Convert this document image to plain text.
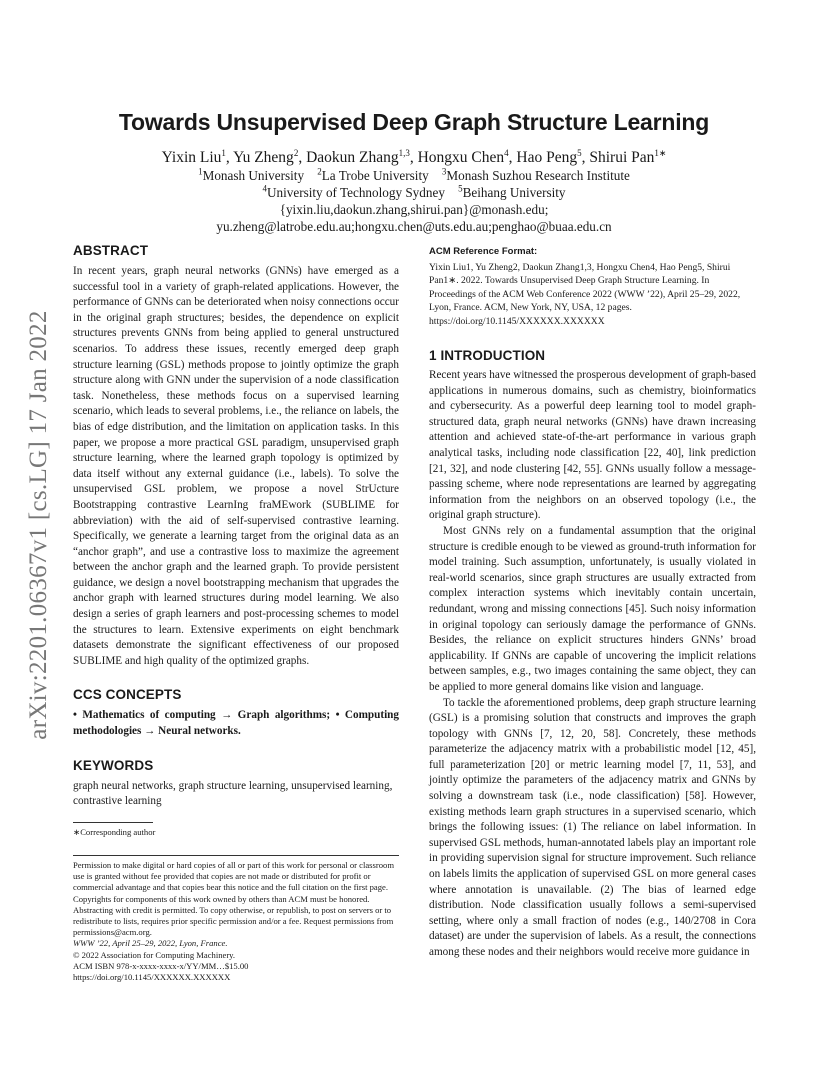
arXiv:2201.06367v1 [cs.LG] 17 Jan 2022
Towards Unsupervised Deep Graph Structure Learning
Yixin Liu$^1$, Yu Zheng$^2$, Daokun Zhang$^{1,3}$, Hongxu Chen$^4$, Hao Peng$^5$, Shirui Pan$^{1∗}$
$^1$Monash University $^2$La Trobe University $^3$Monash Suzhou Research Institute
$^4$University of Technology Sydney $^5$Beihang University
{yixin.liu,daokun.zhang,shirui.pan}@monash.edu;
yu.zheng@latrobe.edu.au;hongxu.chen@uts.edu.au;penghao@buaa.edu.cn
ABSTRACT

In recent years, graph neural networks (GNNs) have emerged as a successful tool in a variety of graph-related applications. However, the performance of GNNs can be deteriorated when noisy connections occur in the original graph structures; besides, the dependence on explicit structures prevents GNNs from being applied to general unstructured scenarios. To address these issues, recently emerged deep graph structure learning (GSL) methods propose to jointly optimize the graph structure along with GNN under the supervision of a node classification task. Nonetheless, these methods focus on a supervised learning scenario, which leads to several problems, i.e., the reliance on labels, the bias of edge distribution, and the limitation on application tasks. In this paper, we propose a more practical GSL paradigm, unsupervised graph structure learning, where the learned graph topology is optimized by data itself without any external guidance (i.e., labels). To solve the unsupervised GSL problem, we propose a novel StrUcture Bootstrapping contrastive LearnIng fraMEwork (SUBLIME for abbreviation) with the aid of self-supervised contrastive learning. Specifically, we generate a learning target from the original data as an “anchor graph”, and use a contrastive loss to maximize the agreement between the anchor graph and the learned graph. To provide persistent guidance, we design a novel bootstrapping mechanism that upgrades the anchor graph with learned structures during model learning. We also design a series of graph learners and post-processing schemes to model the structures to learn. Extensive experiments on eight benchmark datasets demonstrate the significant effectiveness of our proposed SUBLIME and high quality of the optimized graphs.

CCS CONCEPTS

• Mathematics of computing → Graph algorithms; • Computing methodologies → Neural networks.

KEYWORDS

graph neural networks, graph structure learning, unsupervised learning, contrastive learning

∗Corresponding author

Permission to make digital or hard copies of all or part of this work for personal or classroom use is granted without fee provided that copies are not made or distributed for profit or commercial advantage and that copies bear this notice and the full citation on the first page. Copyrights for components of this work owned by others than ACM must be honored. Abstracting with credit is permitted. To copy otherwise, or republish, to post on servers or to redistribute to lists, requires prior specific permission and/or a fee. Request permissions from permissions@acm.org.

WWW ’22, April 25–29, 2022, Lyon, France.

© 2022 Association for Computing Machinery.

ACM ISBN 978-x-xxxx-xxxx-x/YY/MM…$15.00

https://doi.org/10.1145/XXXXXX.XXXXXX

ACM Reference Format:

Yixin Liu1, Yu Zheng2, Daokun Zhang1,3, Hongxu Chen4, Hao Peng5, Shirui Pan1∗. 2022. Towards Unsupervised Deep Graph Structure Learning. In Proceedings of the ACM Web Conference 2022 (WWW ’22), April 25–29, 2022, Lyon, France. ACM, New York, NY, USA, 12 pages. https://doi.org/10.1145/XXXXXX.XXXXXX

1 INTRODUCTION

Recent years have witnessed the prosperous development of graph-based applications in numerous domains, such as chemistry, bioinformatics and cybersecurity. As a powerful deep learning tool to model graph-structured data, graph neural networks (GNNs) have drawn increasing attention and achieved state-of-the-art performance in various graph analytical tasks, including node classification [22, 40], link prediction [21, 32], and node clustering [42, 55]. GNNs usually follow a message-passing scheme, where node representations are learned by aggregating information from the neighbors on an observed topology (i.e., the original graph structure).

Most GNNs rely on a fundamental assumption that the original structure is credible enough to be viewed as ground-truth information for model training. Such assumption, unfortunately, is usually violated in real-world scenarios, since graph structures are usually extracted from complex interaction systems which inevitably contain uncertain, redundant, wrong and missing connections [45]. Such noisy information in original topology can seriously damage the performance of GNNs. Besides, the reliance on explicit structures hinders GNNs’ broad applicability. If GNNs are capable of uncovering the implicit relations between samples, e.g., two images containing the same object, they can be applied to more general domains like vision and language.

To tackle the aforementioned problems, deep graph structure learning (GSL) is a promising solution that constructs and improves the graph topology with GNNs [7, 12, 20, 58]. Concretely, these methods parameterize the adjacency matrix with a probabilistic model [12, 45], full parameterization [20] or metric learning model [7, 11, 53], and jointly optimize the parameters of the adjacency matrix and GNNs by solving a downstream task (i.e., node classification) [58]. However, existing methods learn graph structures in a supervised scenario, which brings the following issues: (1) The reliance on label information. In supervised GSL methods, human-annotated labels play an important role in providing supervision signal for structure improvement. Such reliance on labels limits the application of supervised GSL on more general cases where annotation is unavailable. (2) The bias of learned edge distribution. Node classification usually follows a semi-supervised setting, where only a small fraction of nodes (e.g., 140/2708 in Cora dataset) are under the supervision of labels. As a result, the connections among these nodes and their neighbors would receive more guidance in
